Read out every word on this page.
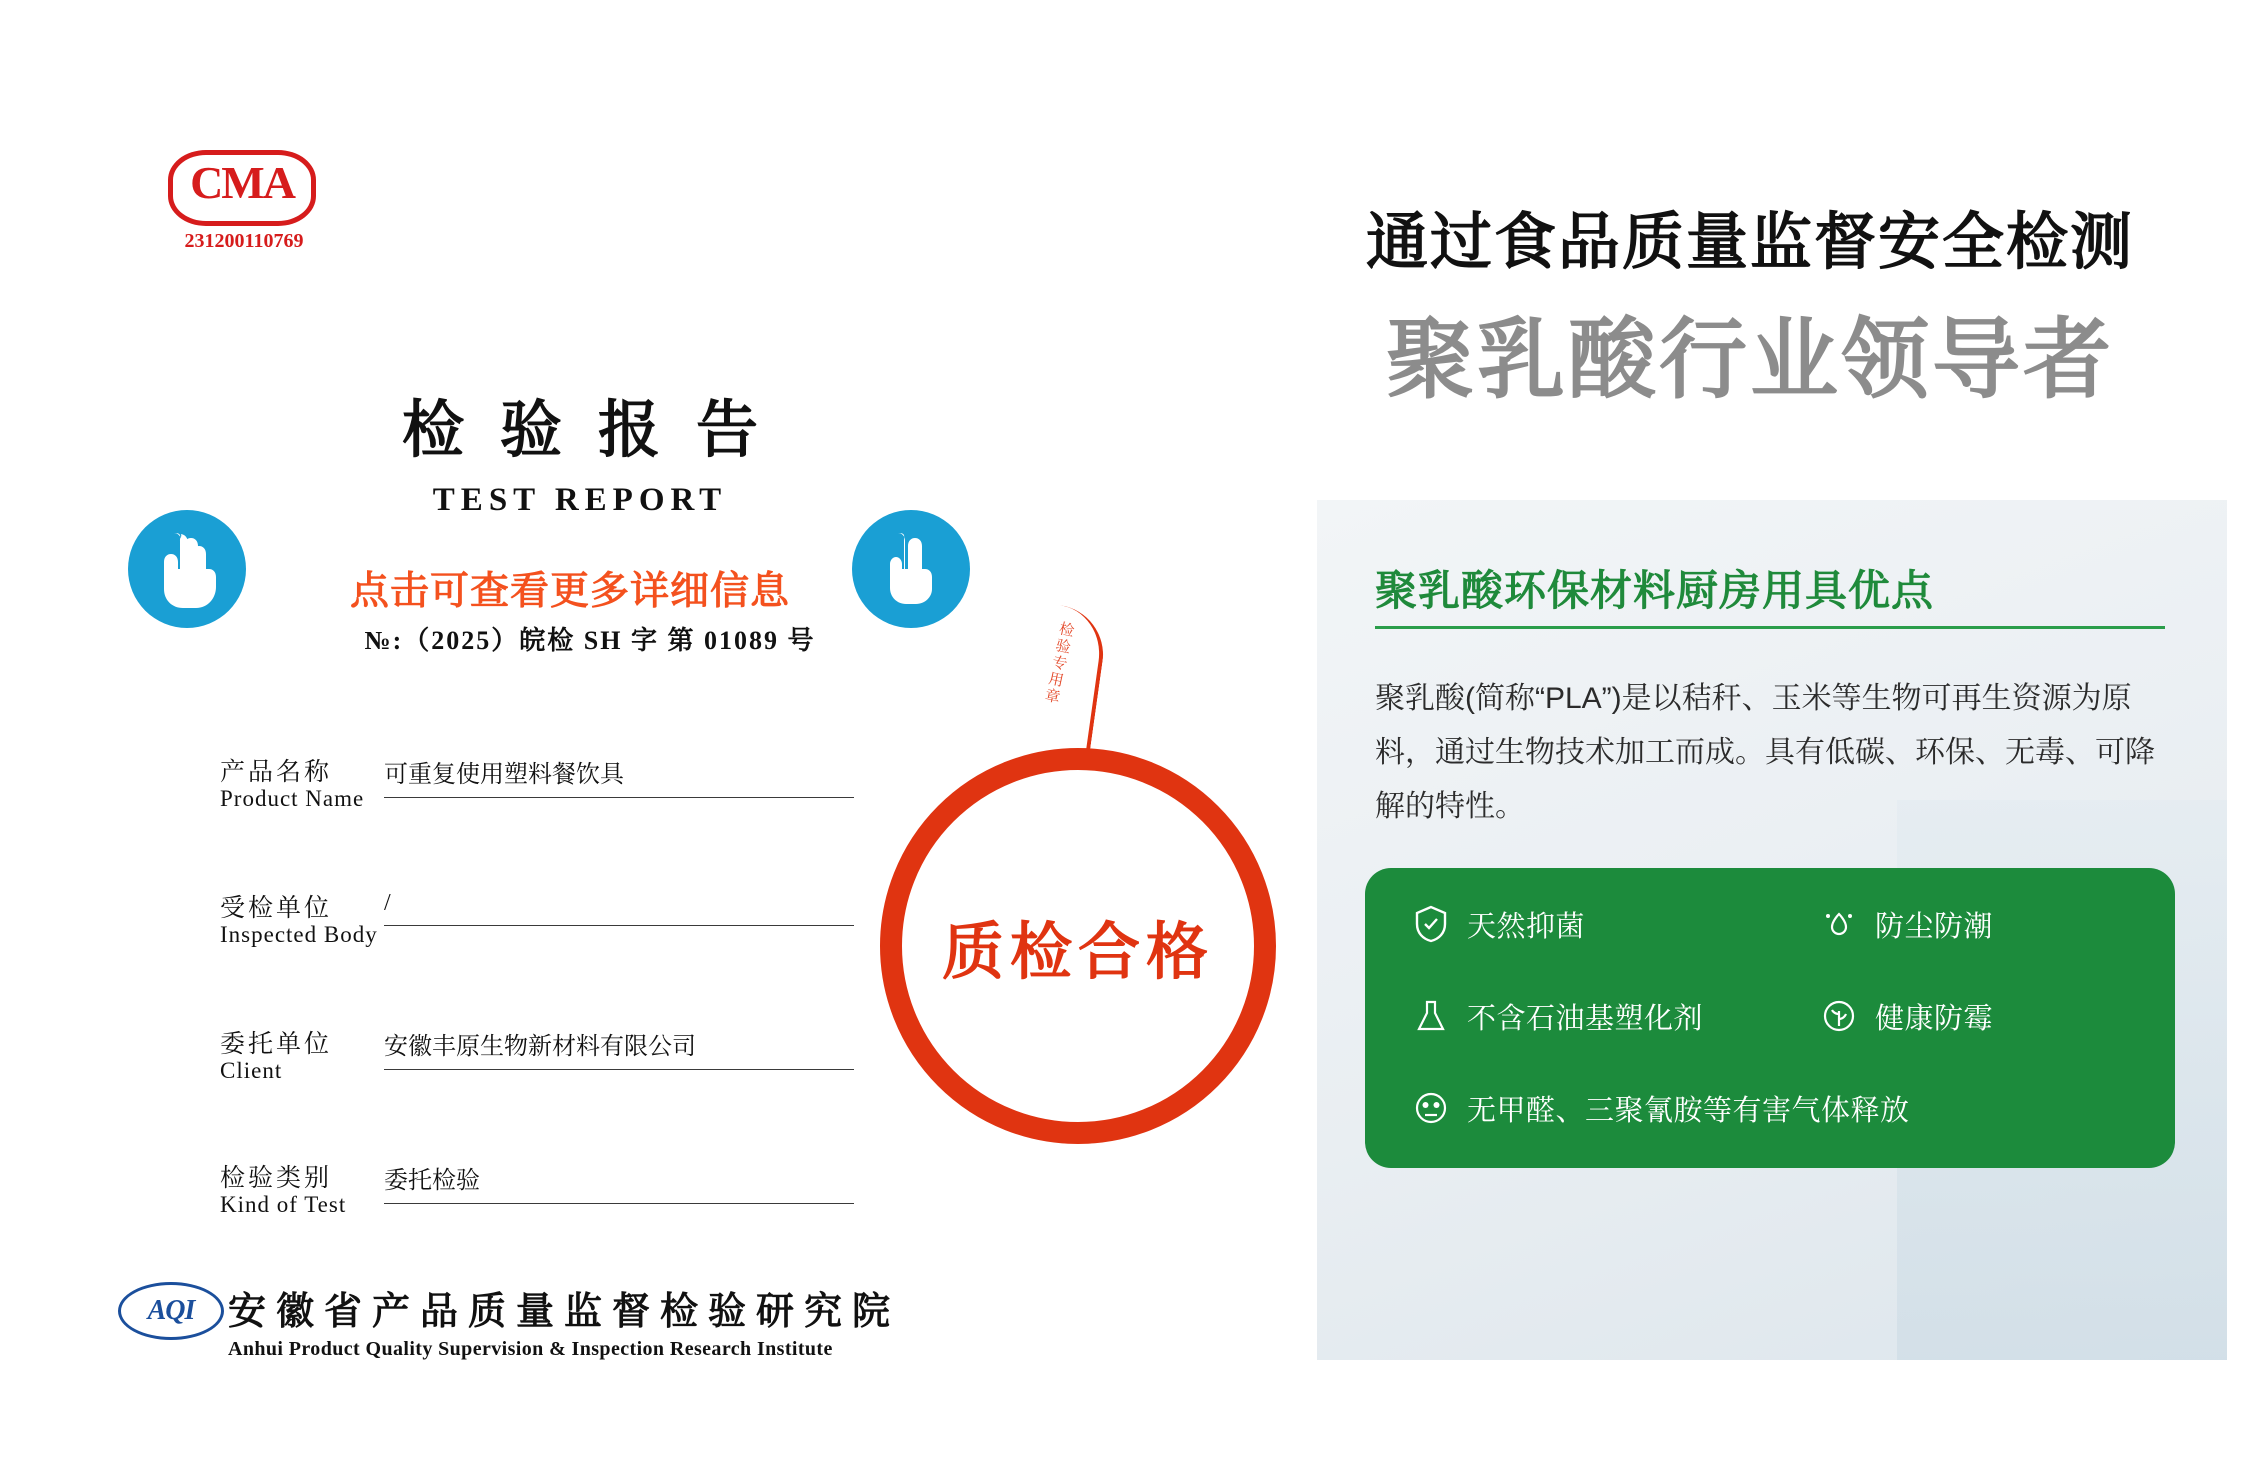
CMA
231200110769
检验报告
TEST REPORT
点击可查看更多详细信息
№:（2025）皖检 SH 字 第 01089 号
产品名称
Product Name
可重复使用塑料餐饮具
受检单位
Inspected Body
/
委托单位
Client
安徽丰原生物新材料有限公司
检验类别
Kind of Test
委托检验
AQI 安徽省产品质量监督检验研究院
Anhui Product Quality Supervision & Inspection Research Institute
检验专用章
质检合格
通过食品质量监督安全检测
聚乳酸行业领导者
聚乳酸环保材料厨房用具优点
聚乳酸(简称“PLA”)是以秸秆、玉米等生物可再生资源为原料，通过生物技术加工而成。具有低碳、环保、无毒、可降解的特性。
天然抑菌	防尘防潮
不含石油基塑化剂	健康防霉
无甲醛、三聚氰胺等有害气体释放
